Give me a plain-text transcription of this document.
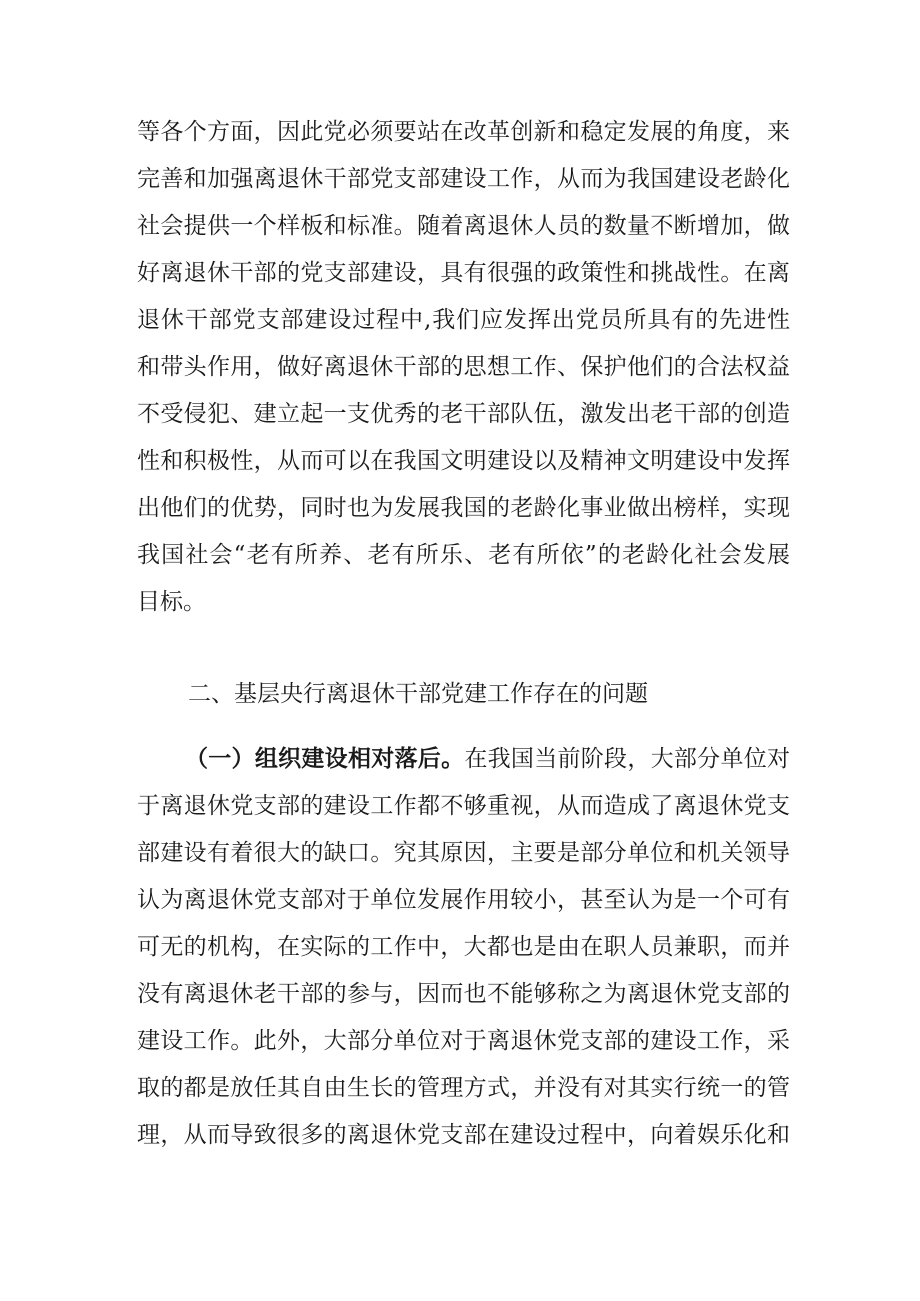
等各个方面，因此党必须要站在改革创新和稳定发展的角度，来
完善和加强离退休干部党支部建设工作，从而为我国建设老龄化
社会提供一个样板和标准。随着离退休人员的数量不断增加，做
好离退休干部的党支部建设，具有很强的政策性和挑战性。在离
退休干部党支部建设过程中,我们应发挥出党员所具有的先进性
和带头作用，做好离退休干部的思想工作、保护他们的合法权益
不受侵犯、建立起一支优秀的老干部队伍，激发出老干部的创造
性和积极性，从而可以在我国文明建设以及精神文明建设中发挥
出他们的优势，同时也为发展我国的老龄化事业做出榜样，实现
我国社会“老有所养、老有所乐、老有所依”的老龄化社会发展
目标。
二、基层央行离退休干部党建工作存在的问题
（一）组织建设相对落后。在我国当前阶段，大部分单位对
于离退休党支部的建设工作都不够重视，从而造成了离退休党支
部建设有着很大的缺口。究其原因，主要是部分单位和机关领导
认为离退休党支部对于单位发展作用较小，甚至认为是一个可有
可无的机构，在实际的工作中，大都也是由在职人员兼职，而并
没有离退休老干部的参与，因而也不能够称之为离退休党支部的
建设工作。此外，大部分单位对于离退休党支部的建设工作，采
取的都是放任其自由生长的管理方式，并没有对其实行统一的管
理，从而导致很多的离退休党支部在建设过程中，向着娱乐化和
